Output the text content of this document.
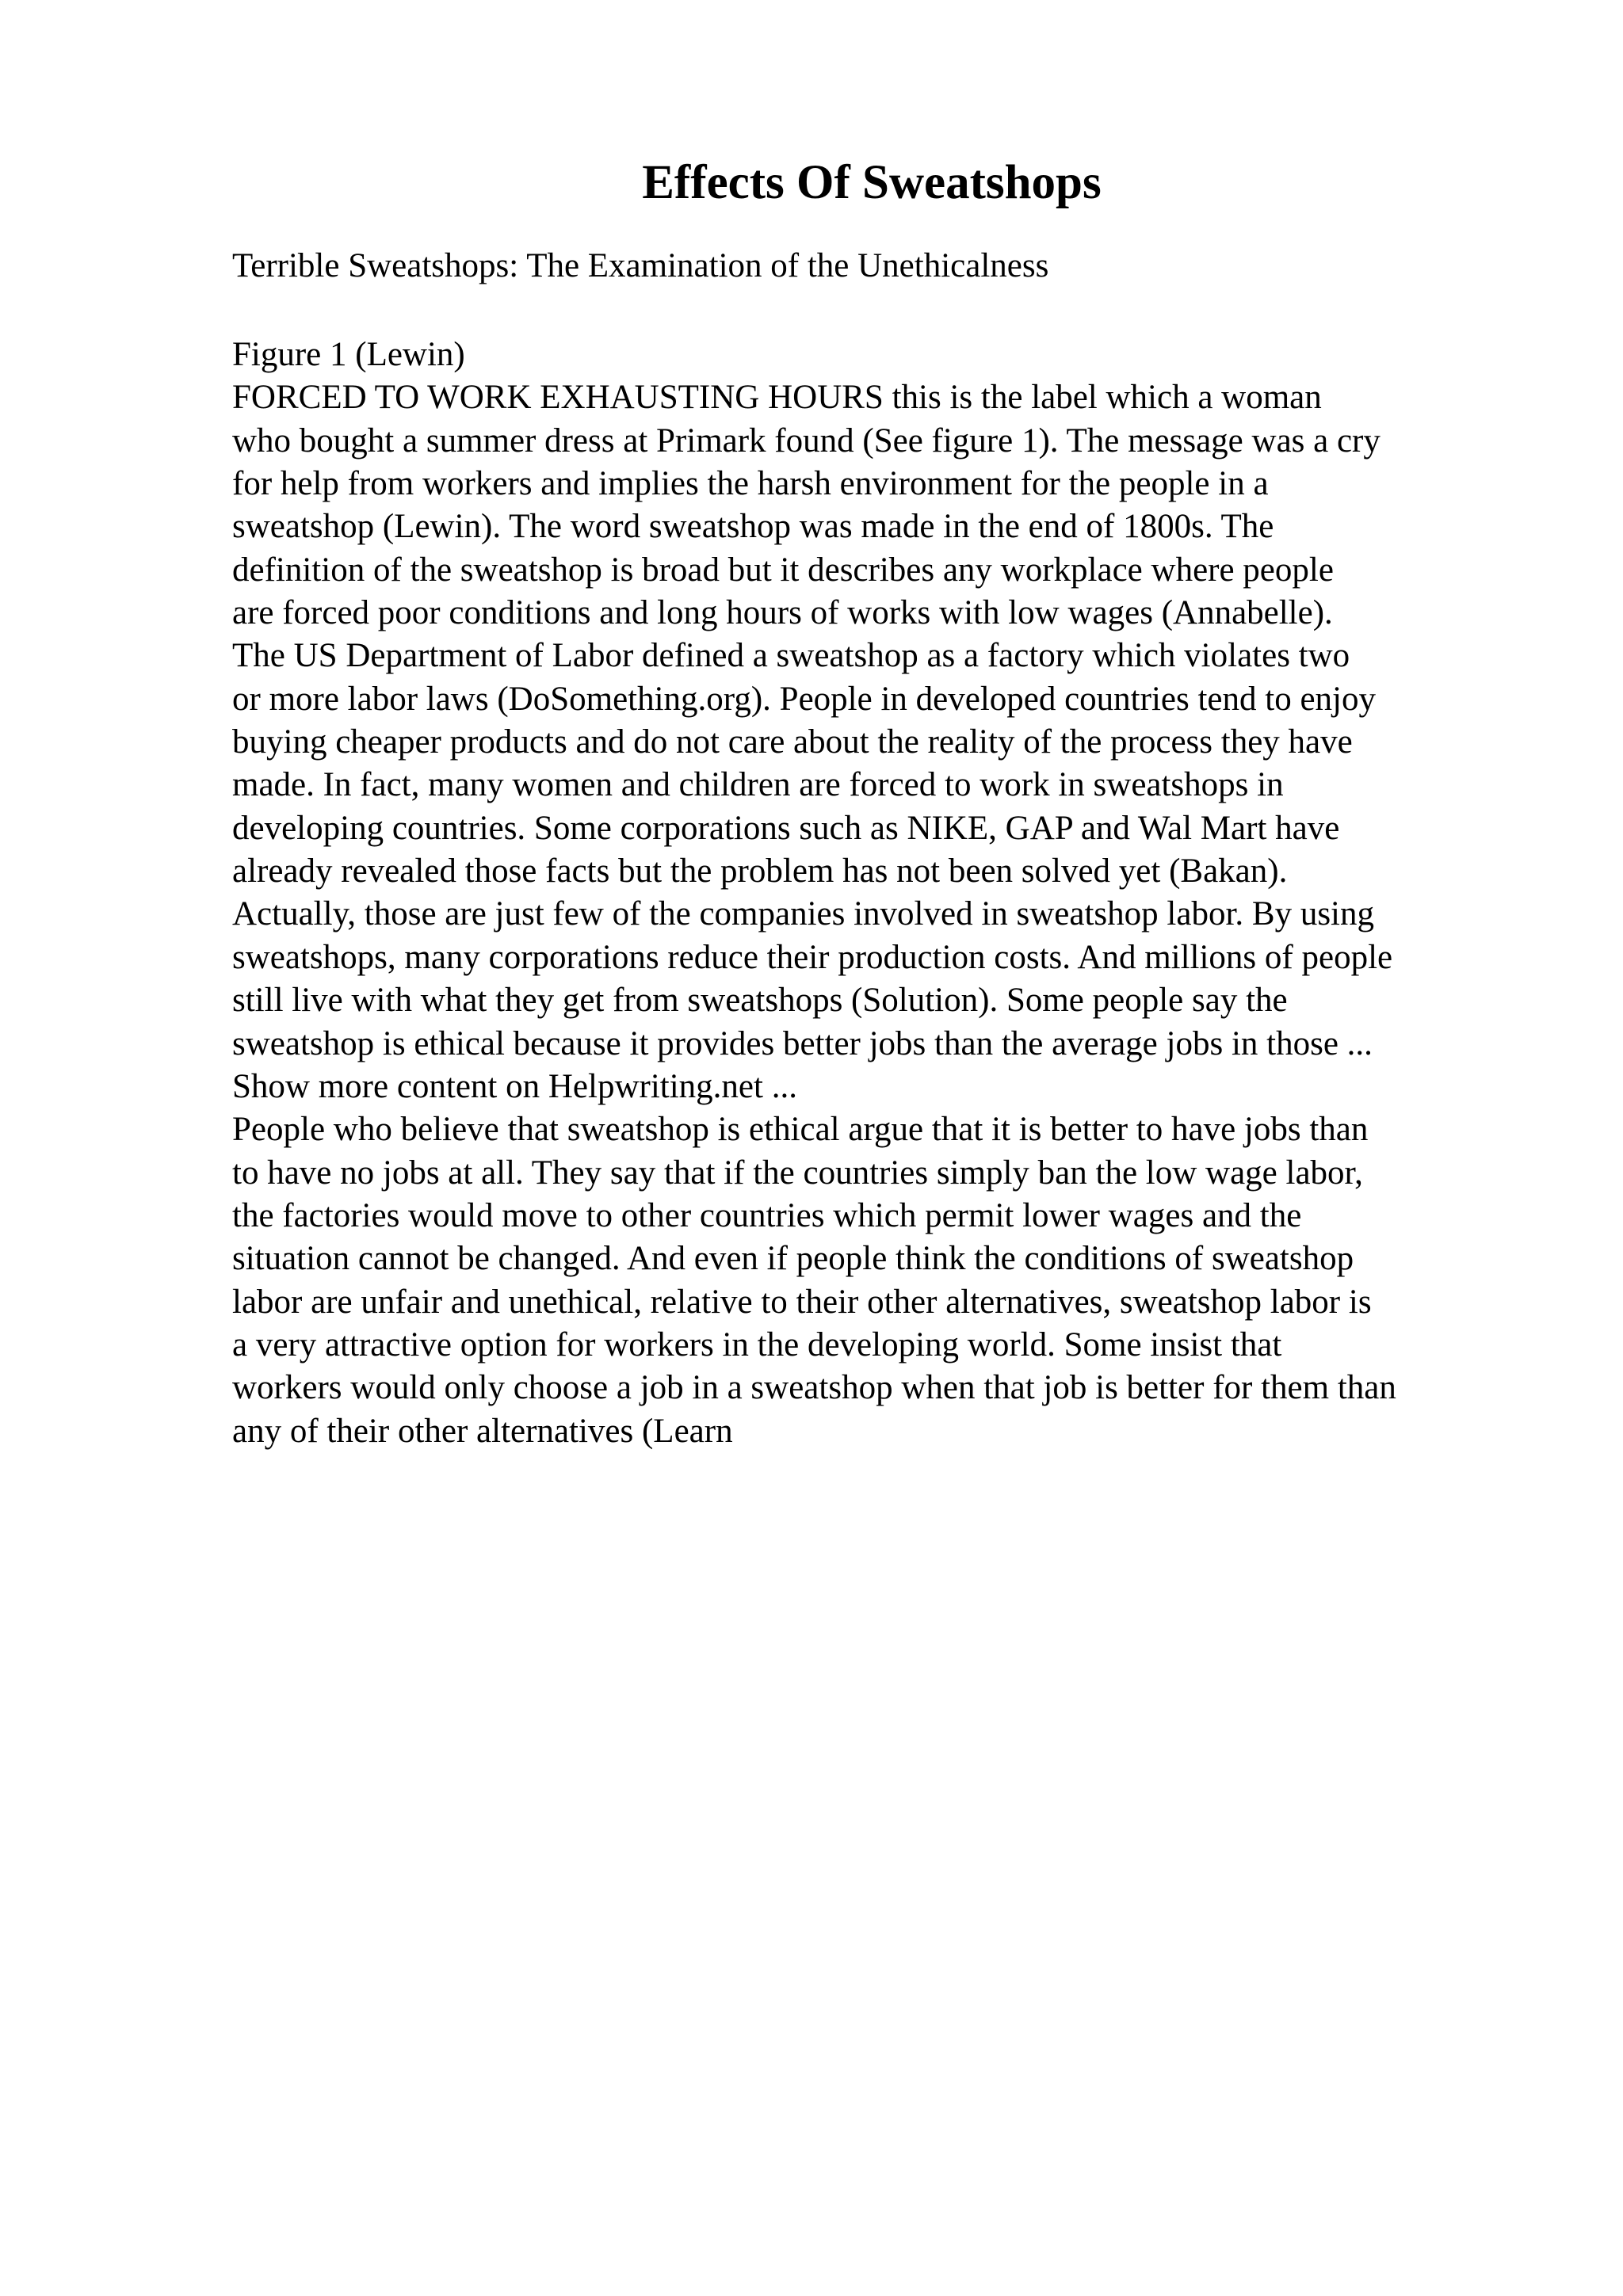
Effects Of Sweatshops

Terrible Sweatshops: The Examination of the Unethicalness

Figure 1 (Lewin)
FORCED TO WORK EXHAUSTING HOURS this is the label which a woman
who bought a summer dress at Primark found (See figure 1). The message was a cry
for help from workers and implies the harsh environment for the people in a
sweatshop (Lewin). The word sweatshop was made in the end of 1800s. The
definition of the sweatshop is broad but it describes any workplace where people
are forced poor conditions and long hours of works with low wages (Annabelle).
The US Department of Labor defined a sweatshop as a factory which violates two
or more labor laws (DoSomething.org). People in developed countries tend to enjoy
buying cheaper products and do not care about the reality of the process they have
made. In fact, many women and children are forced to work in sweatshops in
developing countries. Some corporations such as NIKE, GAP and Wal Mart have
already revealed those facts but the problem has not been solved yet (Bakan).
Actually, those are just few of the companies involved in sweatshop labor. By using
sweatshops, many corporations reduce their production costs. And millions of people
still live with what they get from sweatshops (Solution). Some people say the
sweatshop is ethical because it provides better jobs than the average jobs in those ...
Show more content on Helpwriting.net ...
People who believe that sweatshop is ethical argue that it is better to have jobs than
to have no jobs at all. They say that if the countries simply ban the low wage labor,
the factories would move to other countries which permit lower wages and the
situation cannot be changed. And even if people think the conditions of sweatshop
labor are unfair and unethical, relative to their other alternatives, sweatshop labor is
a very attractive option for workers in the developing world. Some insist that
workers would only choose a job in a sweatshop when that job is better for them than
any of their other alternatives (Learn
